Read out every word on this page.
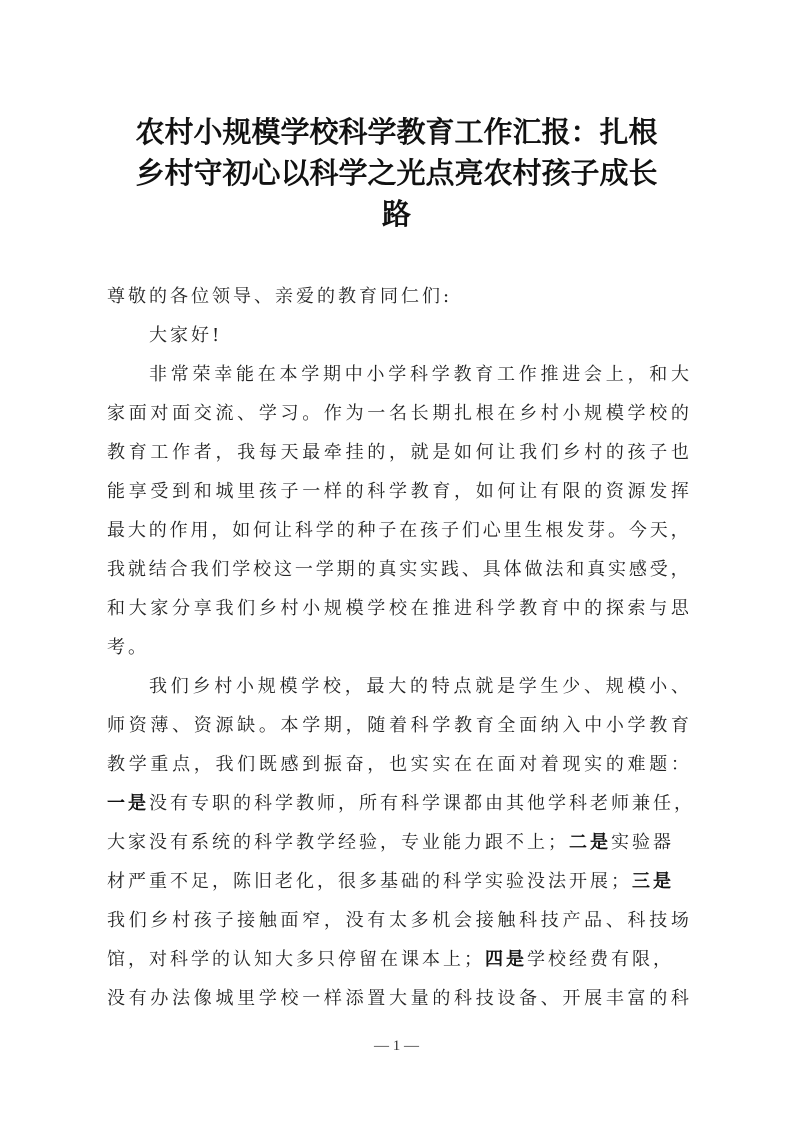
农村小规模学校科学教育工作汇报：扎根
乡村守初心以科学之光点亮农村孩子成长
路
尊敬的各位领导、亲爱的教育同仁们:
大家好!
非 常 荣 幸 能 在 本 学 期 中 小 学 科 学 教 育 工 作 推 进 会 上 ， 和 大
家 面 对 面 交 流 、 学 习 。 作 为 一 名 长 期 扎 根 在 乡 村 小 规 模 学 校 的
教 育 工 作 者 ， 我 每 天 最 牵 挂 的 ， 就 是 如 何 让 我 们 乡 村 的 孩 子 也
能 享 受 到 和 城 里 孩 子 一 样 的 科 学 教 育 ， 如 何 让 有 限 的 资 源 发 挥
最 大 的 作 用 ， 如 何 让 科 学 的 种 子 在 孩 子 们 心 里 生 根 发 芽 。 今 天 ，
我 就 结 合 我 们 学 校 这 一 学 期 的 真 实 实 践 、 具 体 做 法 和 真 实 感 受 ，
和 大 家 分 享 我 们 乡 村 小 规 模 学 校 在 推 进 科 学 教 育 中 的 探 索 与 思
考。
我 们 乡 村 小 规 模 学 校 ， 最 大 的 特 点 就 是 学 生 少 、 规 模 小 、
师 资 薄 、 资 源 缺 。 本 学 期 ， 随 着 科 学 教 育 全 面 纳 入 中 小 学 教 育
教 学 重 点 ， 我 们 既 感 到 振 奋 ， 也 实 实 在 在 面 对 着 现 实 的 难 题 ：
一是 没有专职的科学教师，所有科学课都由其他学科老师兼任，
大家没有系统的科学教学经验，专业能力跟不上； 二是 实验器
材严重不足，陈旧老化，很多基础的科学实验没法开展； 三是
我 们 乡 村 孩 子 接 触 面 窄 ， 没 有 太 多 机 会 接 触 科 技 产 品 、 科 技 场
馆，对科学的认知大多只停留在课本上； 四是 学校经费有限，
没 有 办 法 像 城 里 学 校 一 样 添 置 大 量 的 科 技 设 备 、 开 展 丰 富 的 科
— 1 —
